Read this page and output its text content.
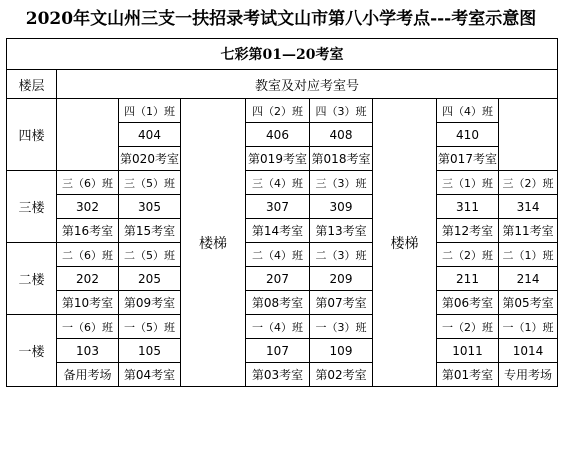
2020年文山州三支一扶招录考试文山市第八小学考点---考室示意图
七彩第01—20考室								
楼层	教室及对应考室号							
四楼		四（1）班	楼梯	四（2）班	四（3）班	楼梯	四（4）班	
		404		406	408		410	
		第020考室		第019考室	第018考室		第017考室	
三楼	三（6）班	三（5）班		三（4）班	三（3）班		三（1）班	三（2）班
	302	305		307	309		311	314
	第16考室	第15考室		第14考室	第13考室		第12考室	第11考室
二楼	二（6）班	二（5）班		二（4）班	二（3）班		二（2）班	二（1）班
	202	205		207	209		211	214
	第10考室	第09考室		第08考室	第07考室		第06考室	第05考室
一楼	一（6）班	一（5）班		一（4）班	一（3）班		一（2）班	一（1）班
	103	105		107	109		1011	1014
	备用考场	第04考室		第03考室	第02考室		第01考室	专用考场
